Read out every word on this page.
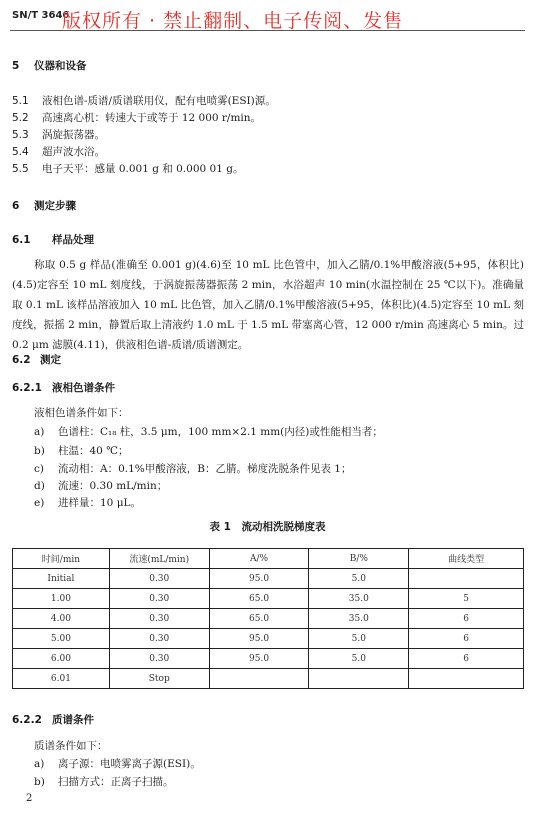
SN/T 3646
版权所有 · 禁止翻制、电子传阅、发售
5 仪器和设备
5.1 液相色谱-质谱/质谱联用仪，配有电喷雾(ESI)源。
5.2 高速离心机：转速大于或等于 12 000 r/min。
5.3 涡旋振荡器。
5.4 超声波水浴。
5.5 电子天平：感量 0.001 g 和 0.000 01 g。
6 测定步骤
6.1 样品处理
称取 0.5 g 样品(准确至 0.001 g)(4.6)至 10 mL 比色管中，加入乙腈/0.1%甲酸溶液(5+95，体积比)(4.5)定容至 10 mL 刻度线，于涡旋振荡器振荡 2 min，水浴超声 10 min(水温控制在 25 ℃以下)。准确量取 0.1 mL 该样品溶液加入 10 mL 比色管，加入乙腈/0.1%甲酸溶液(5+95，体积比)(4.5)定容至 10 mL 刻度线，振摇 2 min，静置后取上清液约 1.0 mL 于 1.5 mL 带塞离心管，12 000 r/min 高速离心 5 min。过 0.2 μm 滤膜(4.11)，供液相色谱-质谱/质谱测定。
6.2 测定
6.2.1 液相色谱条件
液相色谱条件如下：
a) 色谱柱：C₁₈ 柱，3.5 μm，100 mm×2.1 mm(内径)或性能相当者；
b) 柱温：40 ℃；
c) 流动相：A：0.1%甲酸溶液，B：乙腈。梯度洗脱条件见表 1；
d) 流速：0.30 mL/min；
e) 进样量：10 μL。
表 1　流动相洗脱梯度表
时间/min	流速(mL/min)	A/%	B/%	曲线类型
Initial	0.30	95.0	5.0	
1.00	0.30	65.0	35.0	5
4.00	0.30	65.0	35.0	6
5.00	0.30	95.0	5.0	6
6.00	0.30	95.0	5.0	6
6.01	Stop			
6.2.2 质谱条件
质谱条件如下：
a) 离子源：电喷雾离子源(ESI)。
b) 扫描方式：正离子扫描。
2
